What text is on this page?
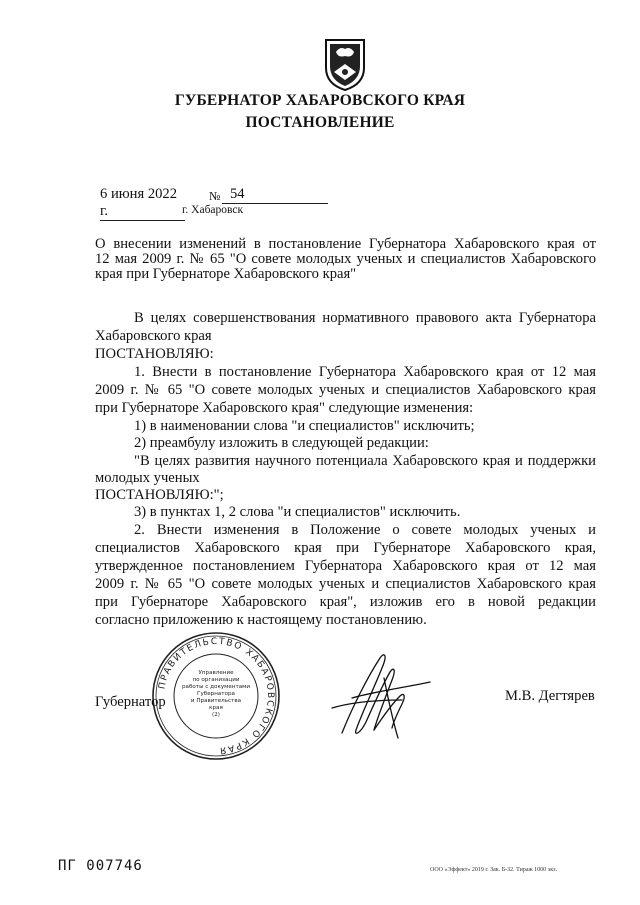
ГУБЕРНАТОР ХАБАРОВСКОГО КРАЯ
ПОСТАНОВЛЕНИЕ
6 июня 2022 г.
№ 54
г. Хабаровск
О внесении изменений в постановление Губернатора Хабаровского края от
12 мая 2009 г. № 65 "О совете молодых ученых и специалистов Хабаровского
края при Губернаторе Хабаровского края"
В целях совершенствования нормативного правового акта Губернатора
Хабаровского края
ПОСТАНОВЛЯЮ:
1. Внести в постановление Губернатора Хабаровского края от 12 мая
2009 г. № 65 "О совете молодых ученых и специалистов Хабаровского края
при Губернаторе Хабаровского края" следующие изменения:
1) в наименовании слова "и специалистов" исключить;
2) преамбулу изложить в следующей редакции:
"В целях развития научного потенциала Хабаровского края и поддержки
молодых ученых
ПОСТАНОВЛЯЮ:";
3) в пунктах 1, 2 слова "и специалистов" исключить.
2. Внести изменения в Положение о совете молодых ученых и
специалистов Хабаровского края при Губернаторе Хабаровского края,
утвержденное постановлением Губернатора Хабаровского края от 12 мая
2009 г. № 65 "О совете молодых ученых и специалистов Хабаровского края
при Губернаторе Хабаровского края", изложив его в новой редакции
согласно приложению к настоящему постановлению.
ПРАВИТЕЛЬСТВО ХАБАРОВСКОГО КРАЯ
Управление
по организации
работы с документами
Губернатора
и Правительства
края
(2)
Губернатор	М.В. Дегтярев
ПГ 007746	ООО «Эффект» 2019 г. Зак. Б-32. Тираж 1000 экз.
